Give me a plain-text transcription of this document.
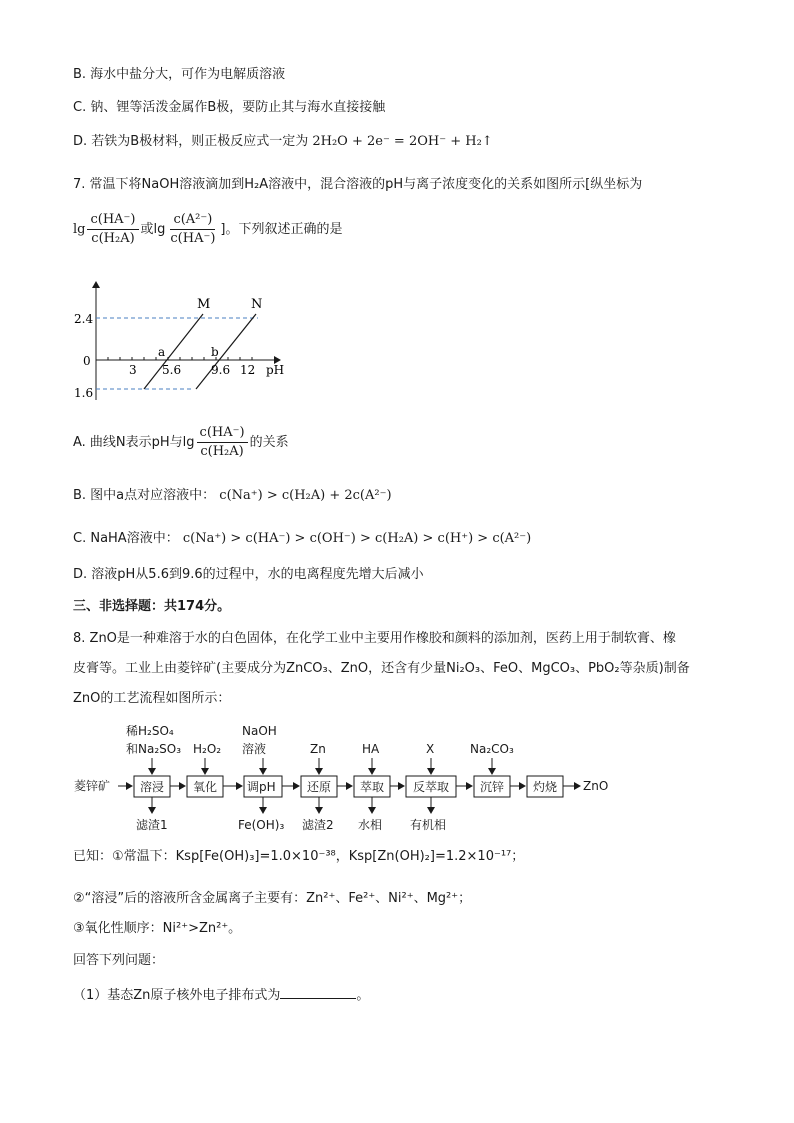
B. 海水中盐分大，可作为电解质溶液
C. 钠、锂等活泼金属作B极，要防止其与海水直接接触
D. 若铁为B极材料，则正极反应式一定为 2H₂O + 2e⁻ = 2OH⁻ + H₂↑
7. 常温下将NaOH溶液滴加到H₂A溶液中，混合溶液的pH与离子浓度变化的关系如图所示[纵坐标为
$\lg \frac{c(HA^-)}{\text{c(H₂A)}}$ 或$\lg \frac{\text{c(A²⁻)}}{c(HA^-)}$ ]。下列叙述正确的是
M	N
2.4
0
1.6
a	b
3 5.6 9.6 12 pH
A. 曲线N表示pH与$\lg \frac{c(HA^-)}{\text{c(H₂A)}}$ 的关系
B. 图中a点对应溶液中： c(Na⁺) > c(H₂A) + 2c(A²⁻)
C. NaHA溶液中： c(Na⁺) > c(HA⁻) > c(OH⁻) > c(H₂A) > c(H⁺) > c(A²⁻)
D. 溶液pH从5.6到9.6的过程中，水的电离程度先增大后减小
三、非选择题：共174分。
8. ZnO是一种难溶于水的白色固体，在化学工业中主要用作橡胶和颜料的添加剂，医药上用于制软膏、橡
皮膏等。工业上由菱锌矿(主要成分为ZnCO₃、ZnO，还含有少量Ni₂O₃、FeO、MgCO₃、PbO₂等杂质)制备
ZnO的工艺流程如图所示：
菱锌矿	ZnO
溶浸 氧化 调pH	还原 萃取 反萃取	沉锌 灼烧
稀H₂SO₄
和Na₂SO₃ H₂O₂
NaOH
溶液	Zn	HA	X	Na₂CO₃
滤渣1	Fe(OH)₃ 滤渣2 水相 有机相
已知：①常温下：Ksp[Fe(OH)₃]=1.0×10⁻³⁸，Ksp[Zn(OH)₂]=1.2×10⁻¹⁷；
②“溶浸”后的溶液所含金属离子主要有：Zn²⁺、Fe²⁺、Ni²⁺、Mg²⁺；
③氧化性顺序：Ni²⁺>Zn²⁺。
回答下列问题：
（1）基态Zn原子核外电子排布式为	。
